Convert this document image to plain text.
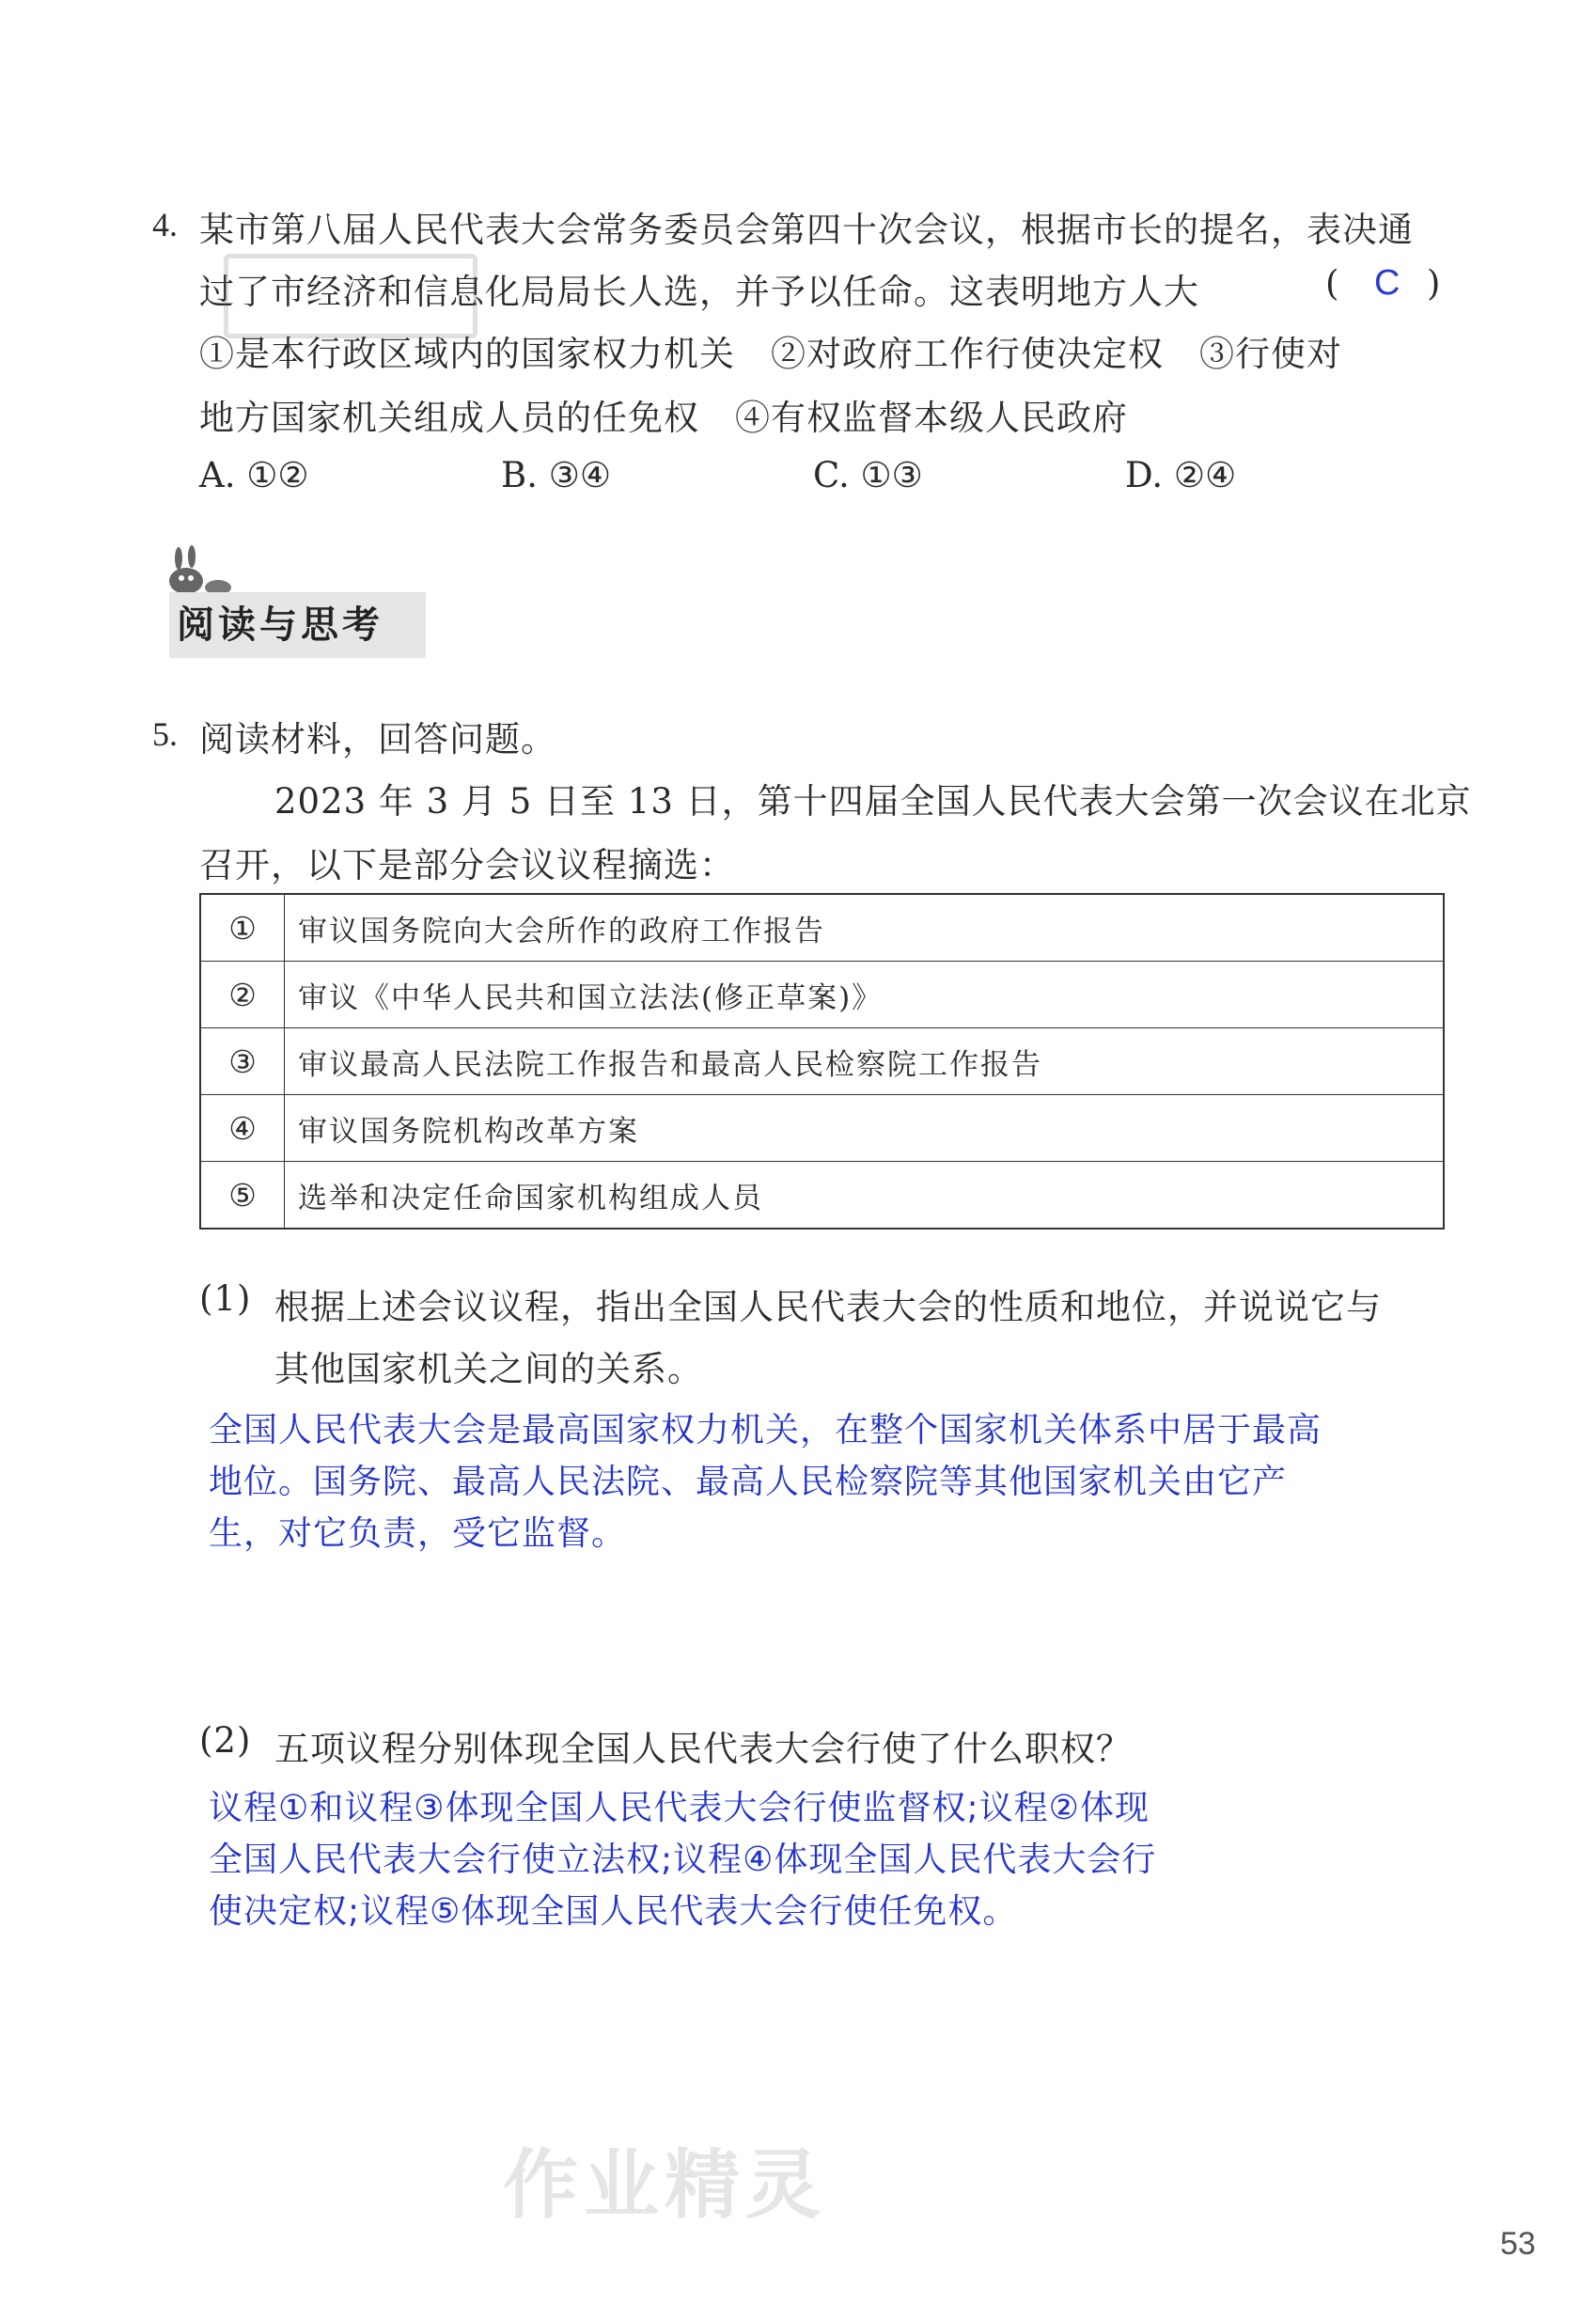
4. 某市第八届人民代表大会常务委员会第四十次会议，根据市长的提名，表决通
过了市经济和信息化局局长人选，并予以任命。这表明地方人大	( C )
①是本行政区域内的国家权力机关　②对政府工作行使决定权　③行使对
地方国家机关组成人员的任免权　④有权监督本级人民政府
A. ①②	B. ③④	C. ①③	D. ②④
阅读与思考
5. 阅读材料，回答问题。
2023 年 3 月 5 日至 13 日，第十四届全国人民代表大会第一次会议在北京
召开，以下是部分会议议程摘选：
①	审议国务院向大会所作的政府工作报告
②	审议《中华人民共和国立法法(修正草案)》
③	审议最高人民法院工作报告和最高人民检察院工作报告
④	审议国务院机构改革方案
⑤	选举和决定任命国家机构组成人员
(1) 根据上述会议议程，指出全国人民代表大会的性质和地位，并说说它与
其他国家机关之间的关系。
全国人民代表大会是最高国家权力机关，在整个国家机关体系中居于最高
地位。国务院、最高人民法院、最高人民检察院等其他国家机关由它产
生，对它负责，受它监督。
(2) 五项议程分别体现全国人民代表大会行使了什么职权？
议程①和议程③体现全国人民代表大会行使监督权;议程②体现
全国人民代表大会行使立法权;议程④体现全国人民代表大会行
使决定权;议程⑤体现全国人民代表大会行使任免权。
作业精灵
53
